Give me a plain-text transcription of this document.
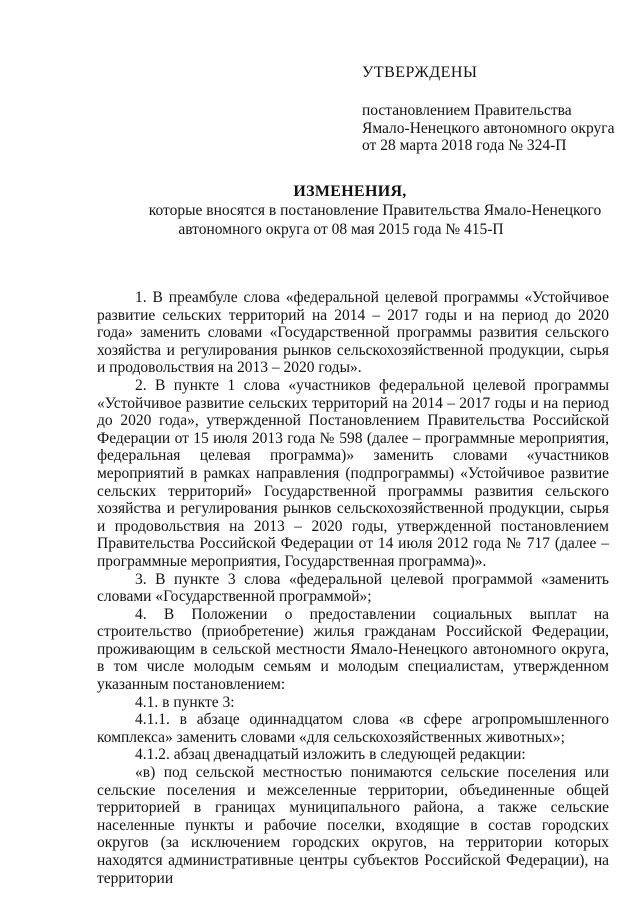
УТВЕРЖДЕНЫ
постановлением Правительства
Ямало-Ненецкого автономного округа
от 28 марта 2018 года № 324-П
ИЗМЕНЕНИЯ,
которые вносятся в постановление Правительства Ямало-Ненецкого
автономного округа от 08 мая 2015 года № 415-П

1. В преамбуле слова «федеральной целевой программы «Устойчивое развитие сельских территорий на 2014 – 2017 годы и на период до 2020 года» заменить словами «Государственной программы развития сельского хозяйства и регулирования рынков сельскохозяйственной продукции, сырья и продовольствия на 2013 – 2020 годы».

2. В пункте 1 слова «участников федеральной целевой программы «Устойчивое развитие сельских территорий на 2014 – 2017 годы и на период до 2020 года», утвержденной Постановлением Правительства Российской Федерации от 15 июля 2013 года № 598 (далее – программные мероприятия, федеральная целевая программа)» заменить словами «участников мероприятий в рамках направления (подпрограммы) «Устойчивое развитие сельских территорий» Государственной программы развития сельского хозяйства и регулирования рынков сельскохозяйственной продукции, сырья и продовольствия на 2013 – 2020 годы, утвержденной постановлением Правительства Российской Федерации от 14 июля 2012 года № 717 (далее – программные мероприятия, Государственная программа)».

3. В пункте 3 слова «федеральной целевой программой «заменить словами «Государственной программой»;

4. В Положении о предоставлении социальных выплат на строительство (приобретение) жилья гражданам Российской Федерации, проживающим в сельской местности Ямало-Ненецкого автономного округа, в том числе молодым семьям и молодым специалистам, утвержденном указанным постановлением:

4.1. в пункте 3:

4.1.1. в абзаце одиннадцатом слова «в сфере агропромышленного комплекса» заменить словами «для сельскохозяйственных животных»;

4.1.2. абзац двенадцатый изложить в следующей редакции:

«в) под сельской местностью понимаются сельские поселения или сельские поселения и межселенные территории, объединенные общей территорией в границах муниципального района, а также сельские населенные пункты и рабочие поселки, входящие в состав городских округов (за исключением городских округов, на территории которых находятся административные центры субъектов Российской Федерации), на территории
